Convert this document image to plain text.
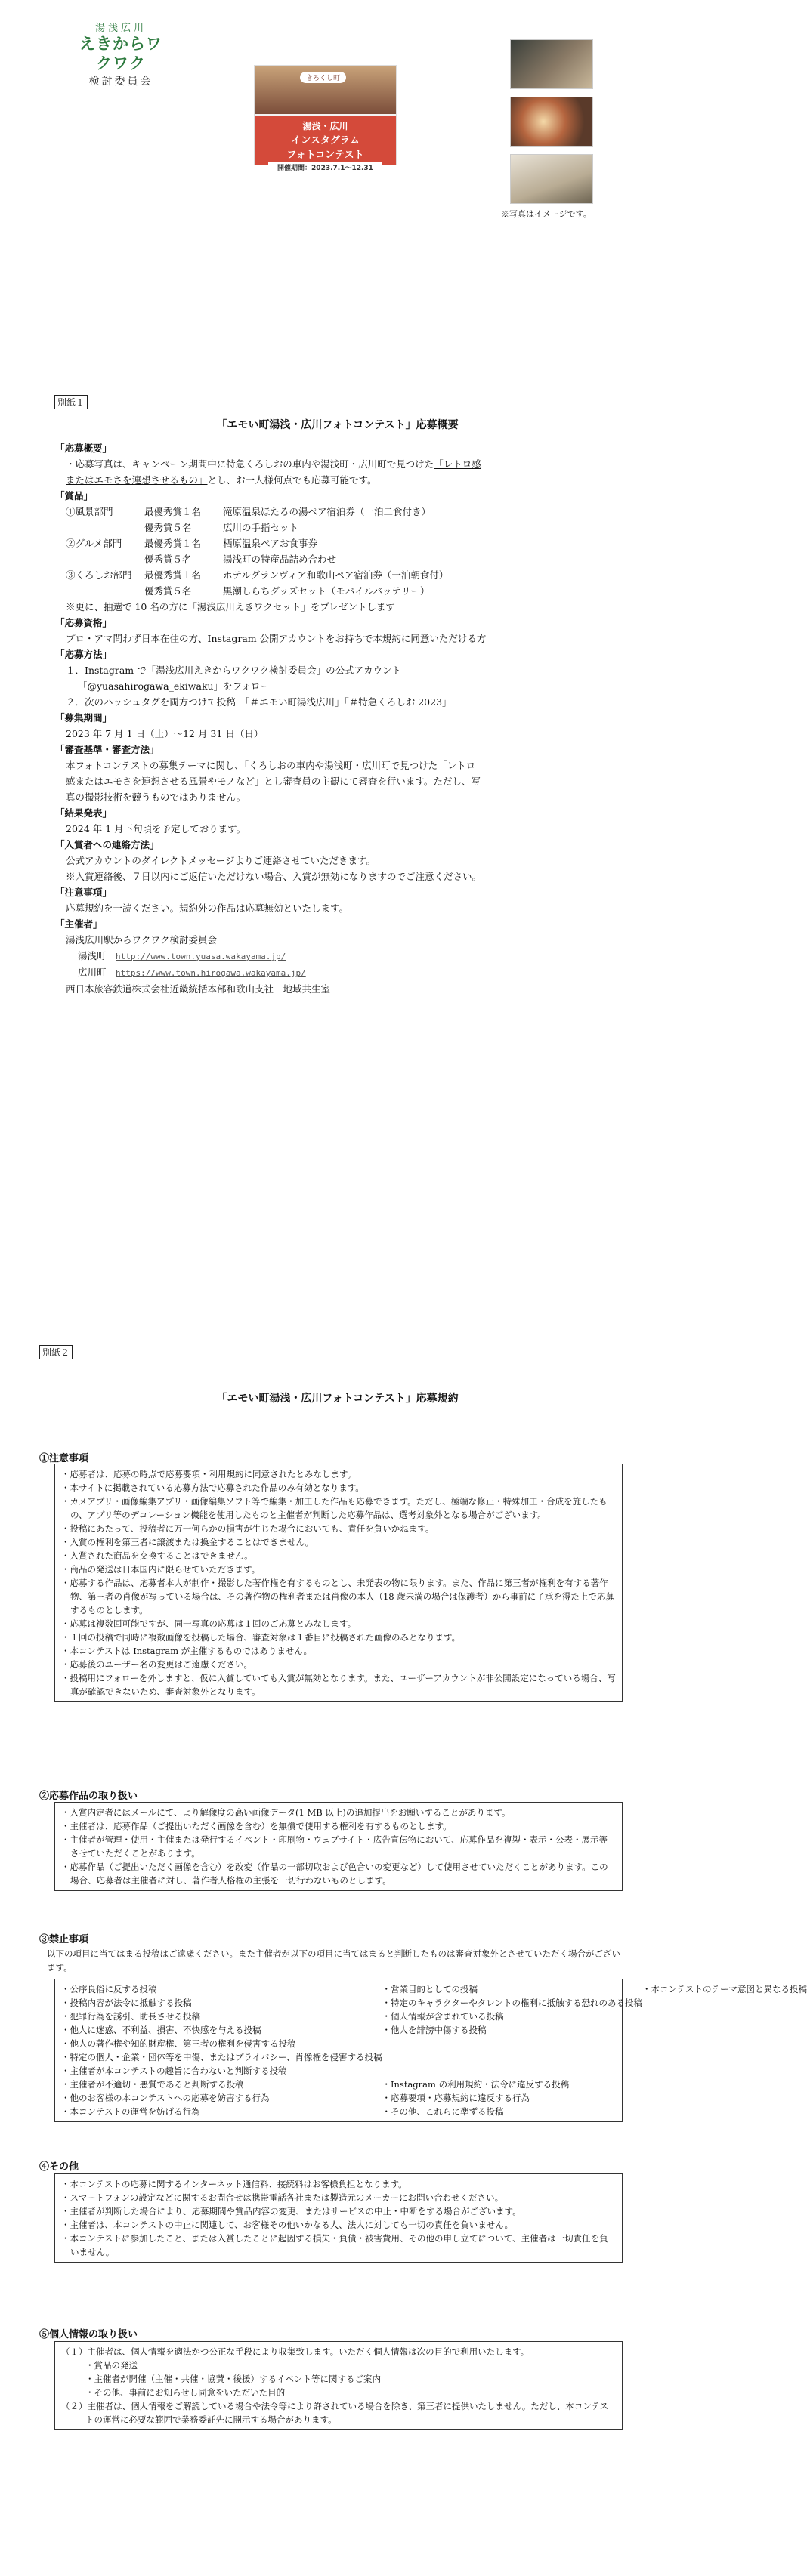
湯浅広川
えきからワクワク
検討委員会	きろくし町
湯浅・広川
インスタグラム
フォトコンテスト
開催期間：2023.7.1～12.31
※写真はイメージです。
別紙１
「エモい町湯浅・広川フォトコンテスト」応募概要
「応募概要」
・応募写真は、キャンペーン期間中に特急くろしおの車内や湯浅町・広川町で見つけた「レトロ感
またはエモさを連想させるもの」とし、お一人様何点でも応募可能です。
「賞品」
①風景部門	最優秀賞１名	滝原温泉ほたるの湯ペア宿泊券（一泊二食付き）
	優秀賞５名	広川の手指セット
②グルメ部門	最優秀賞１名	栖原温泉ペアお食事券
	優秀賞５名	湯浅町の特産品詰め合わせ
③くろしお部門	最優秀賞１名	ホテルグランヴィア和歌山ペア宿泊券（一泊朝食付）
	優秀賞５名	黒潮しらちグッズセット（モバイルバッテリー）
※更に、抽選で 10 名の方に「湯浅広川えきワクセット」をプレゼントします
「応募資格」
プロ・アマ問わず日本在住の方、Instagram 公開アカウントをお持ちで本規約に同意いただける方
「応募方法」
１．Instagram で「湯浅広川えきからワクワク検討委員会」の公式アカウント
「@yuasahirogawa_ekiwaku」をフォロー
２．次のハッシュタグを両方つけて投稿　「＃エモい町湯浅広川」「＃特急くろしお 2023」
「募集期間」
2023 年 7 月 1 日（土）～12 月 31 日（日）
「審査基準・審査方法」
本フォトコンテストの募集テーマに関し、「くろしおの車内や湯浅町・広川町で見つけた「レトロ
感またはエモさを連想させる風景やモノなど」とし審査員の主観にて審査を行います。ただし、写
真の撮影技術を競うものではありません。
「結果発表」
2024 年 1 月下旬頃を予定しております。
「入賞者への連絡方法」
公式アカウントのダイレクトメッセージよりご連絡させていただきます。
※入賞連絡後、７日以内にご返信いただけない場合、入賞が無効になりますのでご注意ください。
「注意事項」
応募規約を一読ください。規約外の作品は応募無効といたします。
「主催者」
湯浅広川駅からワクワク検討委員会
湯浅町　 http://www.town.yuasa.wakayama.jp/
広川町　 https://www.town.hirogawa.wakayama.jp/
西日本旅客鉄道株式会社近畿統括本部和歌山支社　地域共生室
別紙２
「エモい町湯浅・広川フォトコンテスト」応募規約
①注意事項
・応募者は、応募の時点で応募要項・利用規約に同意されたとみなします。
・本サイトに掲載されている応募方法で応募された作品のみ有効となります。
・カメアプリ・画像編集アプリ・画像編集ソフト等で編集・加工した作品も応募できます。ただし、極端な修正・特殊加工・合成を施したもの、アプリ等のデコレーション機能を使用したものと主催者が判断した応募作品は、選考対象外となる場合がございます。
・投稿にあたって、投稿者に万一何らかの損害が生じた場合においても、責任を負いかねます。
・入賞の権利を第三者に譲渡または換金することはできません。
・入賞された商品を交換することはできません。
・商品の発送は日本国内に限らせていただきます。
・応募する作品は、応募者本人が制作・撮影した著作権を有するものとし、未発表の物に限ります。また、作品に第三者が権利を有する著作物、第三者の肖像が写っている場合は、その著作物の権利者または肖像の本人（18 歳未満の場合は保護者）から事前に了承を得た上で応募するものとします。
・応募は複数回可能ですが、同一写真の応募は１回のご応募とみなします。
・１回の投稿で同時に複数画像を投稿した場合、審査対象は１番目に投稿された画像のみとなります。
・本コンテストは Instagram が主催するものではありません。
・応募後のユーザー名の変更はご遠慮ください。
・投稿用にフォローを外しますと、仮に入賞していても入賞が無効となります。また、ユーザーアカウントが非公開設定になっている場合、写真が確認できないため、審査対象外となります。
②応募作品の取り扱い
・入賞内定者にはメールにて、より解像度の高い画像データ(1 MB 以上)の追加提出をお願いすることがあります。
・主催者は、応募作品（ご提出いただく画像を含む）を無償で使用する権利を有するものとします。
・主催者が管理・使用・主催または発行するイベント・印刷物・ウェブサイト・広告宣伝物において、応募作品を複製・表示・公表・展示等させていただくことがあります。
・応募作品（ご提出いただく画像を含む）を改変（作品の一部切取および色合いの変更など）して使用させていただくことがあります。この場合、応募者は主催者に対し、著作者人格権の主張を一切行わないものとします。
③禁止事項
以下の項目に当てはまる投稿はご遠慮ください。また主催者が以下の項目に当てはまると判断したものは審査対象外とさせていただく場合がございます。
・公序良俗に反する投稿	・営業目的としての投稿	・本コンテストのテーマ意図と異なる投稿
・投稿内容が法令に抵触する投稿	・特定のキャラクターやタレントの権利に抵触する恐れのある投稿

・犯罪行為を誘引、助長させる投稿	・個人情報が含まれている投稿

・他人に迷惑、不利益、損害、不快感を与える投稿	・他人を誹謗中傷する投稿

・他人の著作権や知的財産権、第三者の権利を侵害する投稿

・特定の個人・企業・団体等を中傷、またはプライバシー、肖像権を侵害する投稿

・主催者が本コンテストの趣旨に合わないと判断する投稿

・主催者が不適切・悪質であると判断する投稿	・Instagram の利用規約・法令に違反する投稿

・他のお客様の本コンテストへの応募を妨害する行為	・応募要項・応募規約に違反する行為

・本コンテストの運営を妨げる行為	・その他、これらに準ずる投稿

④その他
・本コンテストの応募に関するインターネット通信料、接続料はお客様負担となります。
・スマートフォンの設定などに関するお問合せは携帯電話各社または製造元のメーカーにお問い合わせください。
・主催者が判断した場合により、応募期間や賞品内容の変更、またはサービスの中止・中断をする場合がございます。
・主催者は、本コンテストの中止に関連して、お客様その他いかなる人、法人に対しても一切の責任を負いません。
・本コンテストに参加したこと、または入賞したことに起因する損失・負債・被害費用、その他の申し立てについて、主催者は一切責任を負いません。
⑤個人情報の取り扱い
（１）主催者は、個人情報を適法かつ公正な手段により収集致します。いただく個人情報は次の目的で利用いたします。
・賞品の発送
・主催者が開催（主催・共催・協賛・後援）するイベント等に関するご案内
・その他、事前にお知らせし同意をいただいた目的
（２）主催者は、個人情報をご解読している場合や法令等により許されている場合を除き、第三者に提供いたしません。ただし、本コンテストの運営に必要な範囲で業務委託先に開示する場合があります。
